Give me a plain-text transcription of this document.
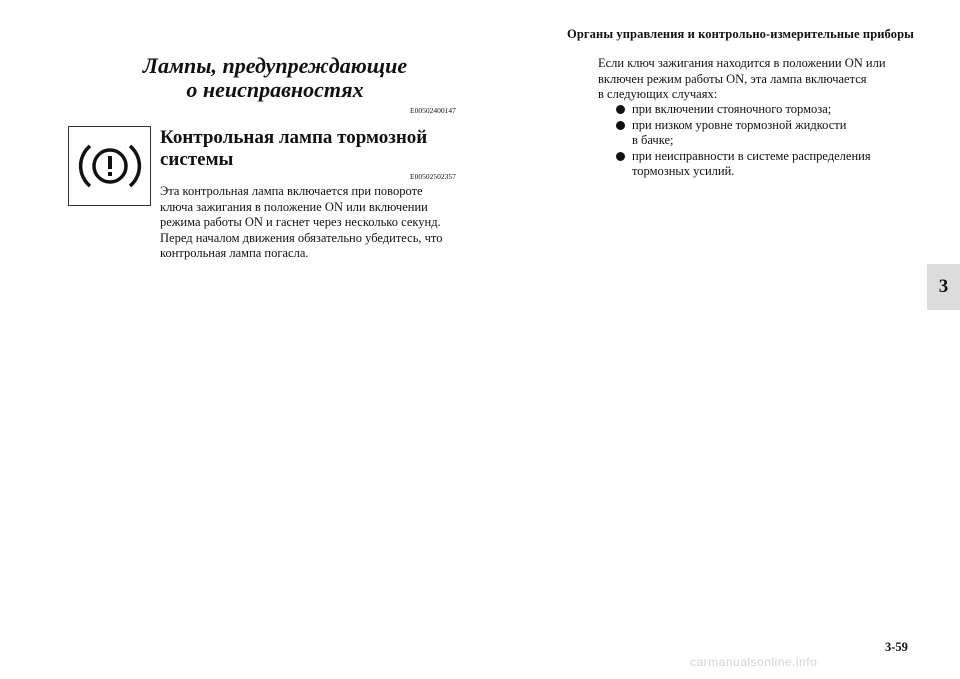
Органы управления и контрольно-измерительные приборы
Лампы, предупреждающие
о неисправностях
E00502400147
Контрольная лампа тормозной
системы
E00502502357
Эта контрольная лампа включается при повороте
ключа зажигания в положение ON или включении
режима работы ON и гаснет через несколько секунд.
Перед началом движения обязательно убедитесь, что
контрольная лампа погасла.
Если ключ зажигания находится в положении ON или
включен режим работы ON, эта лампа включается
в следующих случаях:
при включении стояночного тормоза;
при низком уровне тормозной жидкости
в бачке;
при неисправности в системе распределения
тормозных усилий.
3
3-59
carmanualsonline.info
